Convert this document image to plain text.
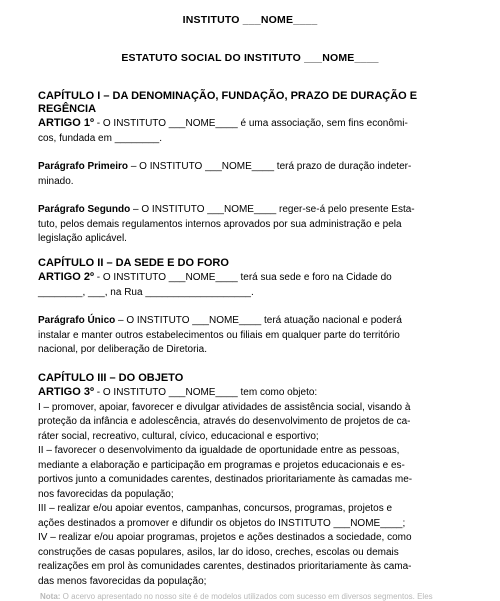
INSTITUTO ___NOME____
ESTATUTO SOCIAL DO INSTITUTO ___NOME____
CAPÍTULO I – DA DENOMINAÇÃO, FUNDAÇÃO, PRAZO DE DURAÇÃO E
REGÊNCIA
ARTIGO 1º - O INSTITUTO ___NOME____ é uma associação, sem fins econômi-
cos, fundada em ________.
Parágrafo Primeiro – O INSTITUTO ___NOME____ terá prazo de duração indeter-
minado.
Parágrafo Segundo – O INSTITUTO ___NOME____ reger-se-á pelo presente Esta-
tuto, pelos demais regulamentos internos aprovados por sua administração e pela
legislação aplicável.
CAPÍTULO II – DA SEDE E DO FORO
ARTIGO 2º - O INSTITUTO ___NOME____ terá sua sede e foro na Cidade do
________, ___, na Rua ___________________.
Parágrafo Único – O INSTITUTO ___NOME____ terá atuação nacional e poderá
instalar e manter outros estabelecimentos ou filiais em qualquer parte do território
nacional, por deliberação de Diretoria.
CAPÍTULO III – DO OBJETO
ARTIGO 3º - O INSTITUTO ___NOME____ tem como objeto:
I – promover, apoiar, favorecer e divulgar atividades de assistência social, visando à
proteção da infância e adolescência, através do desenvolvimento de projetos de ca-
ráter social, recreativo, cultural, cívico, educacional e esportivo;
II – favorecer o desenvolvimento da igualdade de oportunidade entre as pessoas,
mediante a elaboração e participação em programas e projetos educacionais e es-
portivos junto a comunidades carentes, destinados prioritariamente às camadas me-
nos favorecidas da população;
III – realizar e/ou apoiar eventos, campanhas, concursos, programas, projetos e
ações destinados a promover e difundir os objetos do INSTITUTO ___NOME____;
IV – realizar e/ou apoiar programas, projetos e ações destinados a sociedade, como
construções de casas populares, asilos, lar do idoso, creches, escolas ou demais
realizações em prol às comunidades carentes, destinados prioritariamente às cama-
das menos favorecidas da população;
Nota: O acervo apresentado no nosso site é de modelos utilizados com sucesso em diversos segmentos. Eles
